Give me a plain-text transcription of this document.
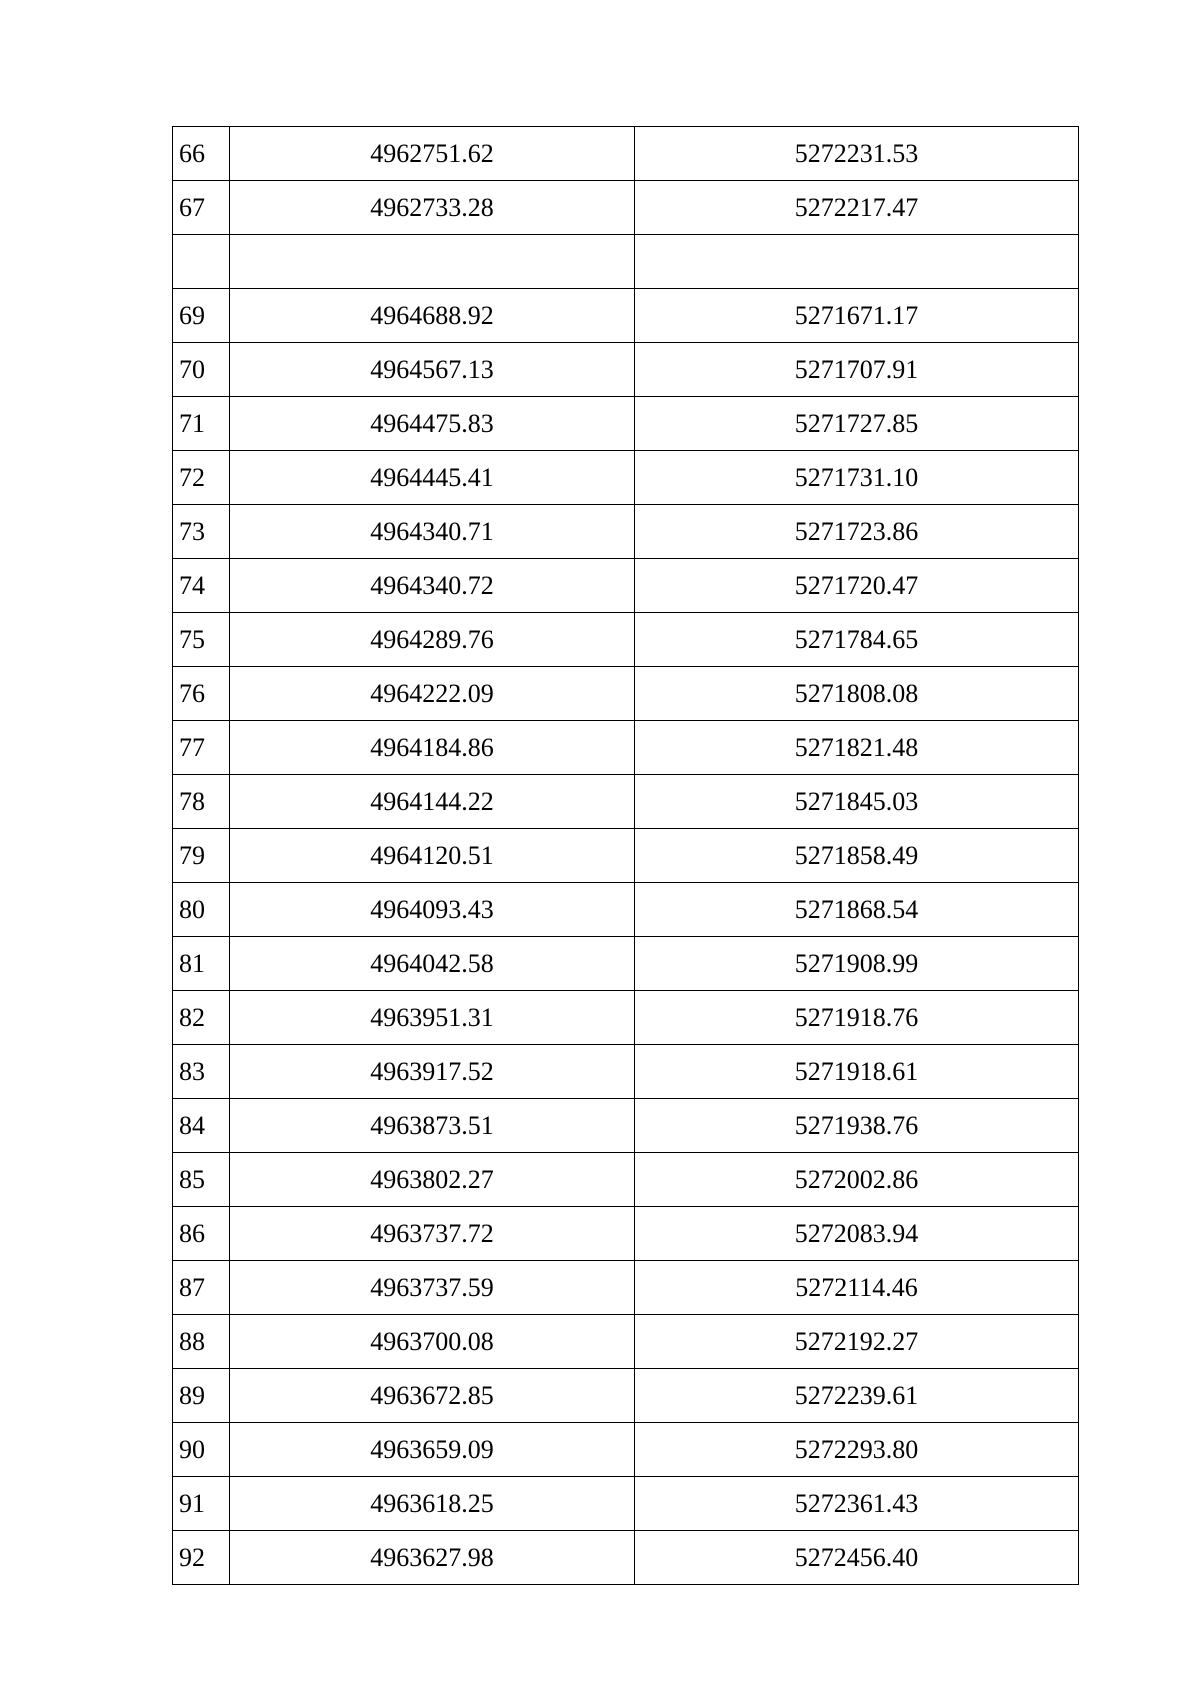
66	4962751.62	5272231.53
67	4962733.28	5272217.47

69	4964688.92	5271671.17
70	4964567.13	5271707.91
71	4964475.83	5271727.85
72	4964445.41	5271731.10
73	4964340.71	5271723.86
74	4964340.72	5271720.47
75	4964289.76	5271784.65
76	4964222.09	5271808.08
77	4964184.86	5271821.48
78	4964144.22	5271845.03
79	4964120.51	5271858.49
80	4964093.43	5271868.54
81	4964042.58	5271908.99
82	4963951.31	5271918.76
83	4963917.52	5271918.61
84	4963873.51	5271938.76
85	4963802.27	5272002.86
86	4963737.72	5272083.94
87	4963737.59	5272114.46
88	4963700.08	5272192.27
89	4963672.85	5272239.61
90	4963659.09	5272293.80
91	4963618.25	5272361.43
92	4963627.98	5272456.40
